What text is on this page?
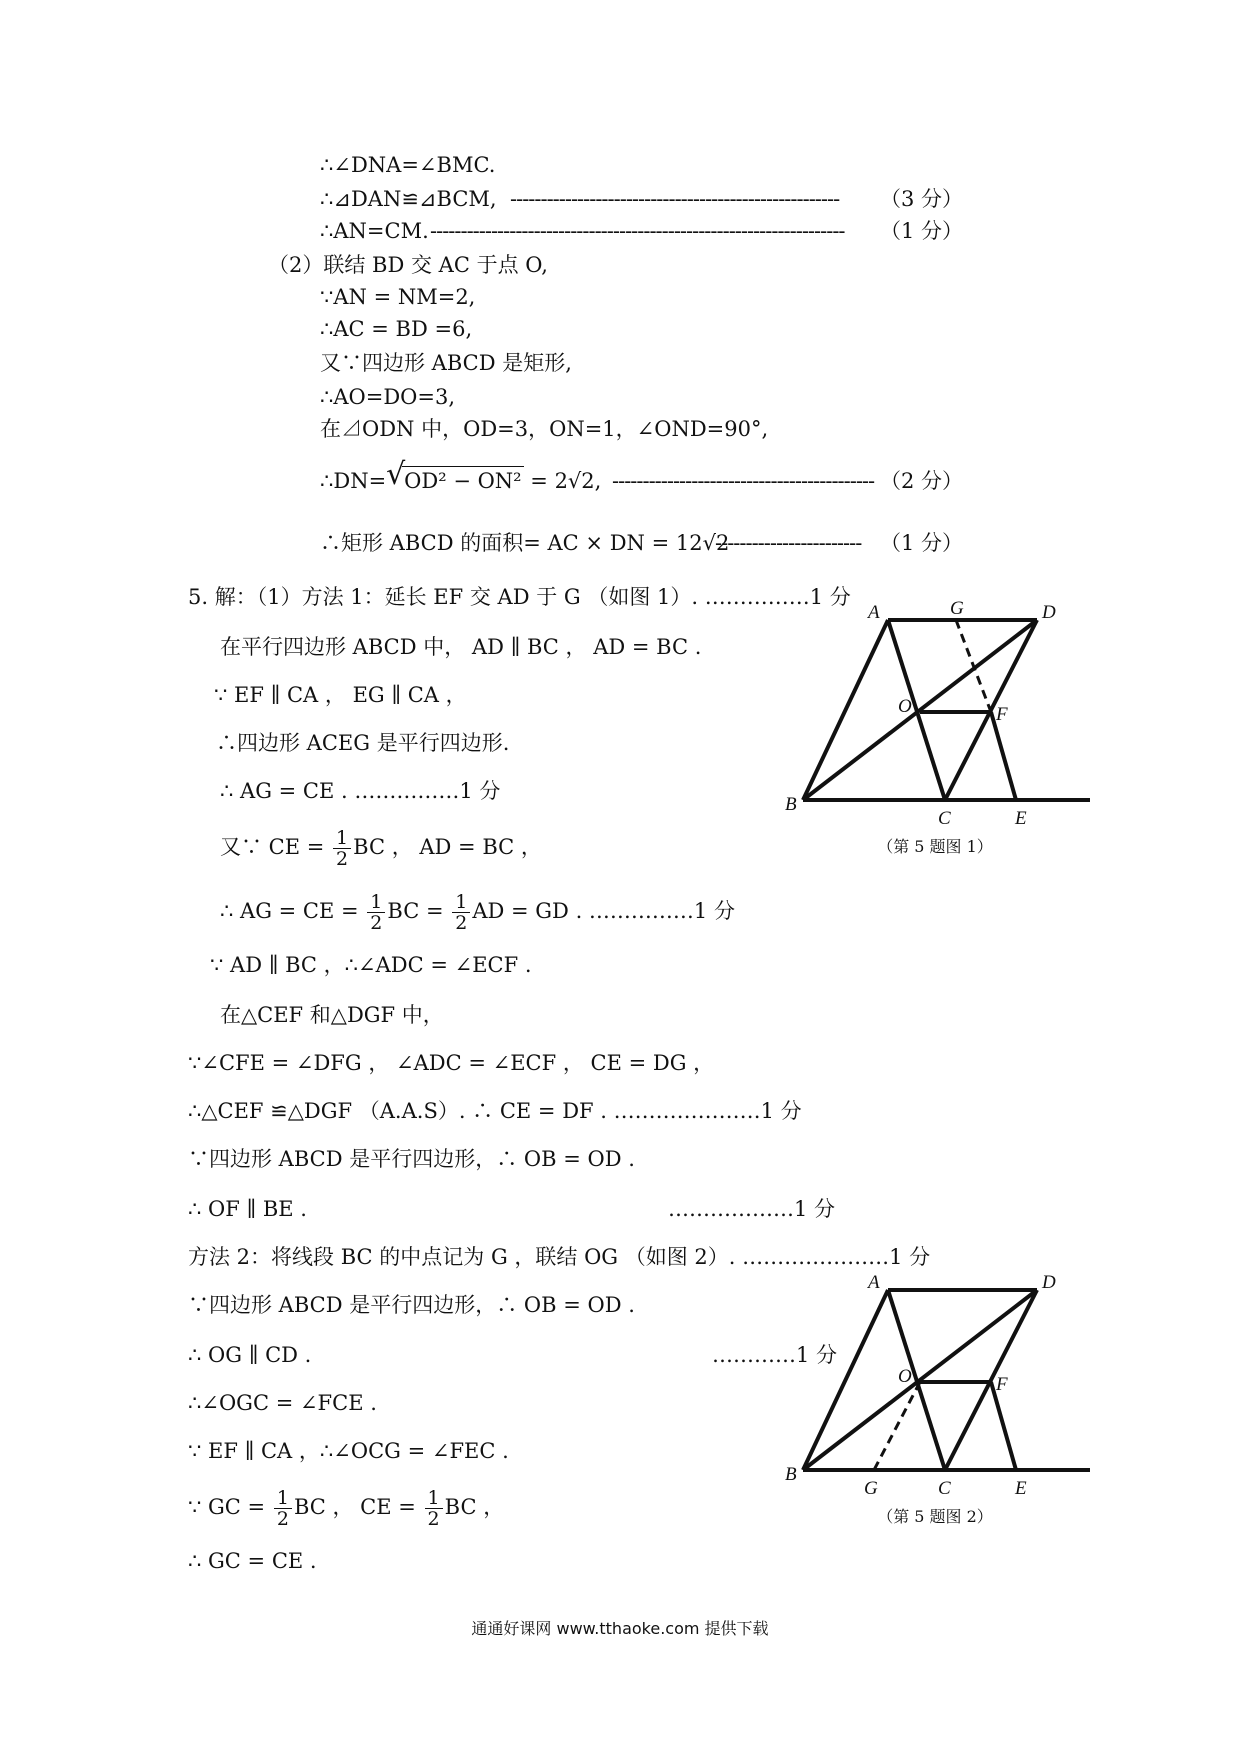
∴∠DNA=∠BMC.
∴⊿DAN≌⊿BCM, ------------------------------------------------------ （3 分）
∴AN=CM. -------------------------------------------------------------------- （1 分）
（2）联结 BD 交 AC 于点 O,
∵AN = NM=2,
∴AC = BD =6,
又∵四边形 ABCD 是矩形,
∴AO=DO=3,
在⊿ODN 中，OD=3，ON=1，∠OND=90°,
∴DN= √
OD² − ON² = 2√2, ------------------------------------------- （2 分）
∴矩形 ABCD 的面积= AC × DN = 12√2
------------------------ （1 分）
5. 解：（1）方法 1：延长 EF 交 AD 于 G （如图 1）. ……………1 分
在平行四边形 ABCD 中， AD ∥ BC ， AD = BC .
∵ EF ∥ CA ， EG ∥ CA ，
∴四边形 ACEG 是平行四边形.
∴ AG = CE . ……………1 分
又∵ CE = $\frac{1}{2}$ BC ， AD = BC ，
∴ AG = CE = $\frac{1}{2}$ BC = $\frac{1}{2}$ AD = GD . ……………1 分
∵ AD ∥ BC ，∴∠ADC = ∠ECF .
在△CEF 和△DGF 中，
∵∠CFE = ∠DFG ， ∠ADC = ∠ECF ， CE = DG ，
∴△CEF ≌△DGF （A.A.S）. ∴ CE = DF . …………………1 分
∵四边形 ABCD 是平行四边形，∴ OB = OD .
∴ OF ∥ BE .	………………1 分
方法 2：将线段 BC 的中点记为 G ，联结 OG （如图 2）. …………………1 分
∵四边形 ABCD 是平行四边形，∴ OB = OD .
∴ OG ∥ CD .	…………1 分
∴∠OGC = ∠FCE .
∵ EF ∥ CA ，∴∠OCG = ∠FEC .
∵ GC = $\frac{1}{2}$ BC ， CE = $\frac{1}{2}$ BC ，
∴ GC = CE .
A	G	D
O	F
B
C	E
（第 5 题图 1）
A	D
O	F
B
G	C	E
（第 5 题图 2）
通通好课网 www.tthaoke.com 提供下载
